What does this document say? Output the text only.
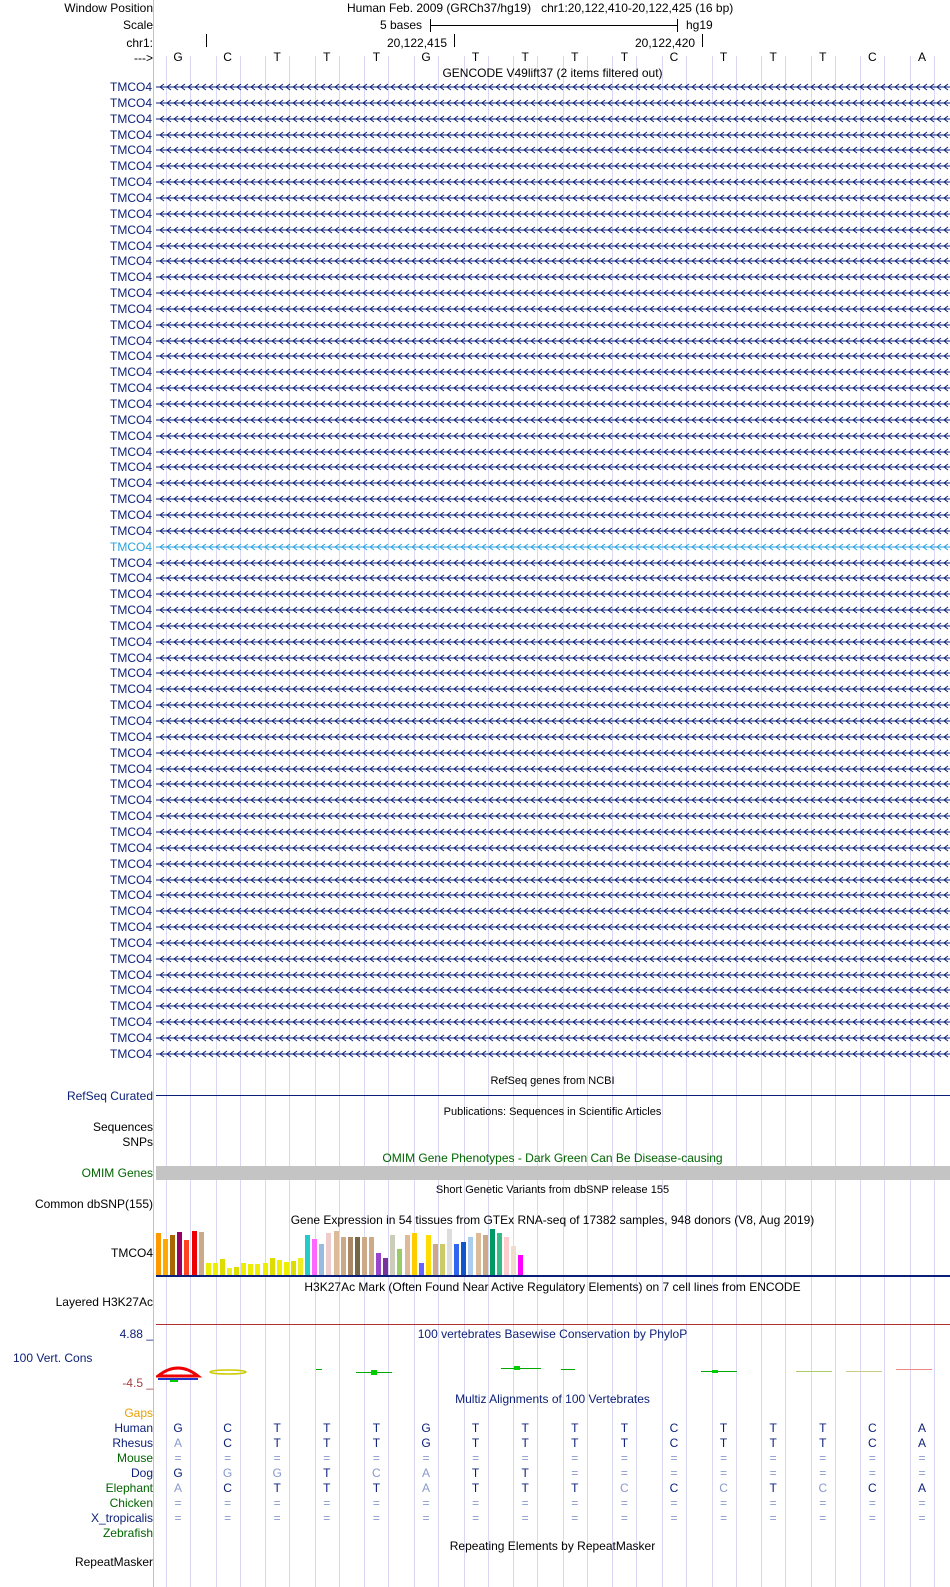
Window Position	Human Feb. 2009 (GRCh37/hg19) chr1:20,122,410-20,122,425 (16 bp)
Scale	5 bases	hg19
chr1:	20,122,415	20,122,420
--->	G	C	T	T	T	G	T	T	T	T	C	T	T	T	C	A
GENCODE V49lift37 (2 items filtered out)
TMCO4
TMCO4
TMCO4
TMCO4
TMCO4
TMCO4
TMCO4
TMCO4
TMCO4
TMCO4
TMCO4
TMCO4
TMCO4
TMCO4
TMCO4
TMCO4
TMCO4
TMCO4
TMCO4
TMCO4
TMCO4
TMCO4
TMCO4
TMCO4
TMCO4
TMCO4
TMCO4
TMCO4
TMCO4
TMCO4
TMCO4
TMCO4
TMCO4
TMCO4
TMCO4
TMCO4
TMCO4
TMCO4
TMCO4
TMCO4
TMCO4
TMCO4
TMCO4
TMCO4
TMCO4
TMCO4
TMCO4
TMCO4
TMCO4
TMCO4
TMCO4
TMCO4
TMCO4
TMCO4
TMCO4
TMCO4
TMCO4
TMCO4
TMCO4
TMCO4
TMCO4
TMCO4
RefSeq genes from NCBI
RefSeq Curated
Publications: Sequences in Scientific Articles
Sequences
SNPs
OMIM Gene Phenotypes - Dark Green Can Be Disease-causing
OMIM Genes
Short Genetic Variants from dbSNP release 155
Common dbSNP(155)
Gene Expression in 54 tissues from GTEx RNA-seq of 17382 samples, 948 donors (V8, Aug 2019)
TMCO4
H3K27Ac Mark (Often Found Near Active Regulatory Elements) on 7 cell lines from ENCODE
Layered H3K27Ac
100 vertebrates Basewise Conservation by PhyloP
4.88 _
100 Vert. Cons
-4.5 _
Multiz Alignments of 100 Vertebrates
Gaps
Human	G	C	T	T	T	G	T	T	T	T	C	T	T	T	C	A
Rhesus	A	C	T	T	T	G	T	T	T	T	C	T	T	T	C	A
Mouse	=	=	=	=	=	=	=	=	=	=	=	=	=	=	=	=
Dog	G	G	G	T	C	A	T	T	=	=	=	=	=	=	=	=
Elephant	A	C	T	T	T	A	T	T	T	C	C	C	T	C	C	A
Chicken	=	=	=	=	=	=	=	=	=	=	=	=	=	=	=	=
X_tropicalis	=	=	=	=	=	=	=	=	=	=	=	=	=	=	=	=
Zebrafish
Repeating Elements by RepeatMasker
RepeatMasker
